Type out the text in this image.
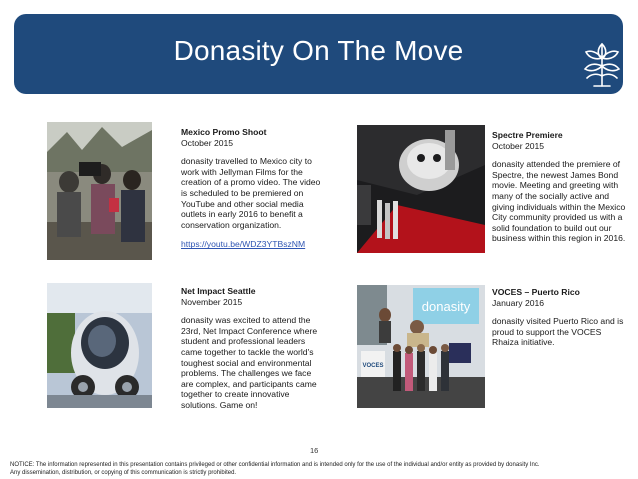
Donasity On The Move
Mexico Promo Shoot
October 2015
donasity travelled to Mexico city to work with Jellyman Films for the creation of a promo video. The video is scheduled to be premiered on YouTube and other social media outlets in early 2016 to benefit a conservation organization.
https://youtu.be/WDZ3YTBszNM
Spectre Premiere
October 2015
donasity attended the premiere of Spectre, the newest James Bond movie. Meeting and greeting with many of the socially active and giving individuals within the Mexico City community provided us with a solid foundation to build out our business within this region in 2016.
Net Impact Seattle
November 2015
donasity was excited to attend the 23rd, Net Impact Conference where student and professional leaders came together to tackle the world's toughest social and environmental problems. The challenges we face are complex, and participants came together to create innovative solutions. Game on!
donasity
VOCES
VOCES – Puerto Rico
January 2016
donasity visited Puerto Rico and is proud to support the VOCES Rhaiza initiative.
16
NOTICE: The information represented in this presentation contains privileged or other confidential information and is intended only for the use of the individual and/or entity as provided by donasity Inc.
Any dissemination, distribution, or copying of this communication is strictly prohibited.
